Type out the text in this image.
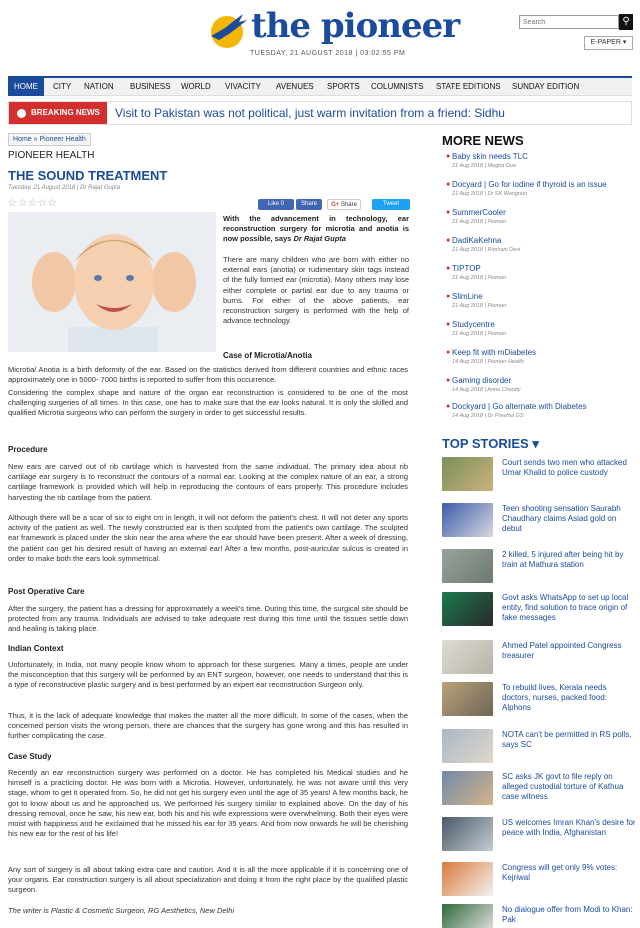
the pioneer
TUESDAY, 21 AUGUST 2018 | 03:02:55 PM
Search
⚲
E-PAPER ▾
HOME	CITY NATION BUSINESS WORLD VIVACITY AVENUES SPORTS COLUMNISTS STATE EDITIONS SUNDAY EDITION
BREAKING NEWS	Visit to Pakistan was not political, just warm invitation from a friend: Sidhu
Home » Pioneer Health
PIONEER HEALTH
THE SOUND TREATMENT
Tuesday, 21 August 2018 | Dr Rajat Gupta
☆☆☆☆☆	Like 0	Share	G+ Share	Tweet
With the advancement in technology, ear reconstruction surgery for microtia and anotia is now possible, says Dr Rajat Gupta
There are many children who are born with either no external ears (anotia) or rudimentary skin tags instead of the fully formed ear (microtia). Many others may lose either complete or partial ear due to any trauma or burns. For either of the above patients, ear reconstruction surgery is performed with the help of advance technology.
Case of Microtia/Anotia
Microtia/ Anotia is a birth deformity of the ear. Based on the statistics derived from different countries and ethnic races approximately one in 5000- 7000 births is reported to suffer from this occurrence.
Considering the complex shape and nature of the organ ear reconstruction is considered to be one of the most challenging surgeries of all times. In this case, one has to make sure that the ear looks natural. It is only the skilled and qualified Microtia surgeons who can perform the surgery in order to get successful results.
Procedure
New ears are carved out of rib cartilage which is harvested from the same individual. The primary idea about rib cartilage ear surgery is to reconstruct the contours of a normal ear. Looking at the complex nature of an ear, a strong cartilage framework is provided which will help in reproducing the contours of ears properly. This procedure includes harvesting the rib cartilage from the patient.
Although there will be a scar of six to eight cm in length, it will not deform the patient's chest. It will not deter any sports activity of the patient as well. The newly constructed ear is then sculpted from the patient's own cartilage. The sculpted ear framework is placed under the skin near the area where the ear should have been present. After a week of dressing, the patient can get his desired result of having an external ear! After a few months, post-auricular sulcus is created in order to make both the ears look symmetrical.
Post Operative Care
After the surgery, the patient has a dressing for approximately a week's time. During this time, the surgical site should be protected from any trauma. Individuals are advised to take adequate rest during this time until the tissues settle down and healing is taking place.
Indian Context
Unfortunately, in India, not many people know whom to approach for these surgeries. Many a times, people are under the misconception that this surgery will be performed by an ENT surgeon, however, one needs to understand that this is a type of reconstructive plastic surgery and is best performed by an expert ear reconstruction Surgeon only.
Thus, it is the lack of adequate knowledge that makes the matter all the more difficult. In some of the cases, when the concerned person visits the wrong person, there are chances that the surgery has gone wrong and this has resulted in further complicating the case.
Case Study
Recently an ear reconstruction surgery was performed on a doctor. He has completed his Medical studies and he himself is a practicing doctor. He was born with a Microtia. However, unfortunately, he was not aware until this very stage, whom to get it operated from. So, he did not get his surgery even until the age of 35 years! A few months back, he got to know about us and he approached us. We performed his surgery similar to explained above. On the day of his dressing removal, once he saw, his new ear, both his and his wife expressions were overwhelming. Both their eyes were moist with happiness and he exclaimed that he missed his ear for 35 years. And from now onwards he will be cherishing his new ear for the rest of his life!
Any sort of surgery is all about taking extra care and caution. And it is all the more applicable if it is concerning one of your organs. Ear construction surgery is all about specialization and doing it from the right place by the qualified plastic surgeon.
The writer is Plastic & Cosmetic Surgeon, RG Aesthetics, New Delhi
MORE NEWS
● Baby skin needs TLC
21 Aug 2018 | Megha Dua
● Docyard | Go for iodine if thyroid is an issue
21 Aug 2018 | Dr SK Wangnoo
● SummerCooler
21 Aug 2018 | Pioneer
● DadiKaKehna
21 Aug 2018 | Roshani Devi
● TIPTOP
21 Aug 2018 | Pioneer
● SlimLine
21 Aug 2018 | Pioneer
● Studycentre
21 Aug 2018 | Pioneer
● Keep fit with mDiabetes
14 Aug 2018 | Pioneer Health
● Gaming disorder
14 Aug 2018 | Anna Chandy
● Dockyard | Go alternate with Diabetes
14 Aug 2018 | Dr Preetha GS
TOP STORIES ▾
Court sends two men who attacked Umar Khalid to police custody
Teen shooting sensation Saurabh Chaudhary claims Asiad gold on debut
2 killed, 5 injured after being hit by train at Mathura station
Govt asks WhatsApp to set up local entity, find solution to trace origin of fake messages
Ahmed Patel appointed Congress treasurer
To rebuild lives, Kerala needs doctors, nurses, packed food: Alphons
NOTA can't be permitted in RS polls, says SC
SC asks JK govt to file reply on alleged custodial torture of Kathua case witness
US welcomes Imran Khan's desire for peace with India, Afghanistan
Congress will get only 9% votes: Kejriwal
No dialogue offer from Modi to Khan: Pak
